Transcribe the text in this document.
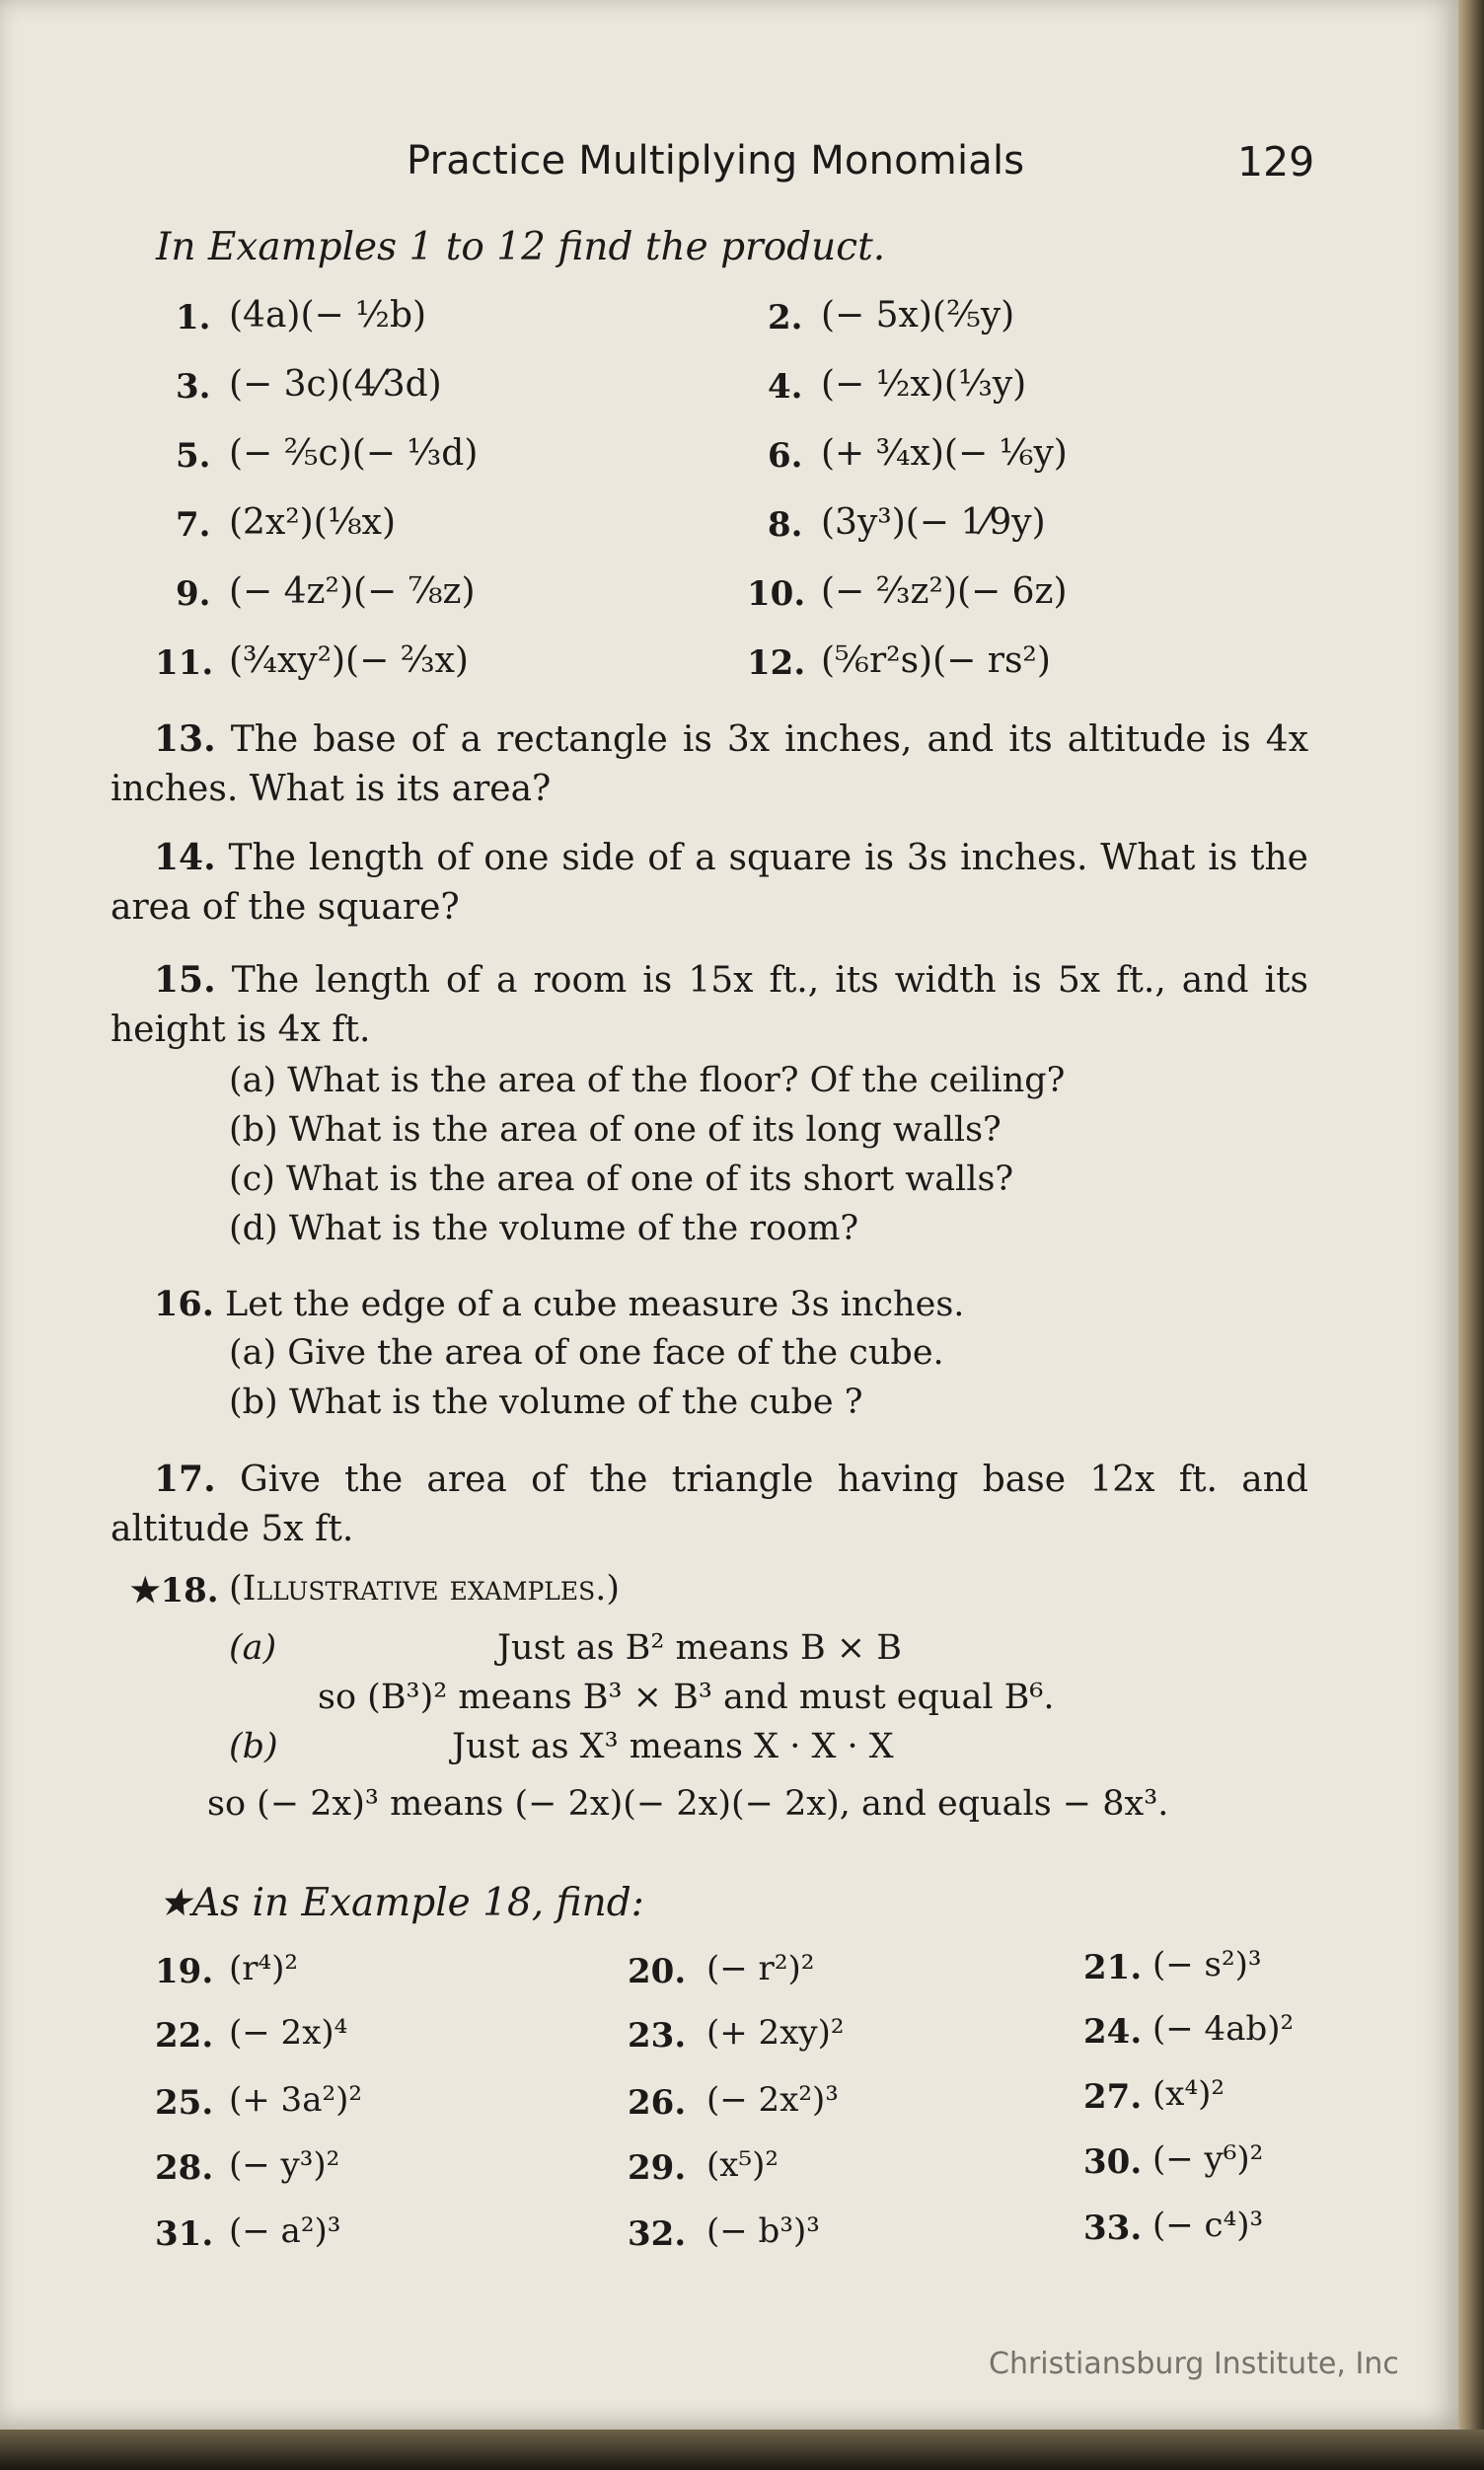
Practice Multiplying Monomials	129
In Examples 1 to 12 find the product.
1. (4a)(− ½b)	2. (− 5x)(⅖y)
3. (− 3c)(4⁄3d)	4. (− ½x)(⅓y)
5. (− ⅖c)(− ⅓d)	6. (+ ¾x)(− ⅙y)
7. (2x²)(⅛x)	8. (3y³)(− 1⁄9y)
9. (− 4z²)(− ⅞z)	10. (− ⅔z²)(− 6z)
11. (¾xy²)(− ⅔x)	12. (⅚r²s)(− rs²)
13. The base of a rectangle is 3x inches, and its altitude is 4x inches. What is its area?
14. The length of one side of a square is 3s inches. What is the area of the square?
15. The length of a room is 15x ft., its width is 5x ft., and its height is 4x ft.
(a) What is the area of the floor? Of the ceiling?
(b) What is the area of one of its long walls?
(c) What is the area of one of its short walls?
(d) What is the volume of the room?
16. Let the edge of a cube measure 3s inches.
(a) Give the area of one face of the cube.
(b) What is the volume of the cube ?
17. Give the area of the triangle having base 12x ft. and altitude 5x ft.
★18. (Illustrative examples.)
(a)	Just as B² means B × B
so (B³)² means B³ × B³ and must equal B⁶.
(b)	Just as X³ means X · X · X
so (− 2x)³ means (− 2x)(− 2x)(− 2x), and equals − 8x³.
★As in Example 18, find:
19. (r⁴)²	20. (− r²)²	21. (− s²)³
22. (− 2x)⁴	23. (+ 2xy)²	24. (− 4ab)²
25. (+ 3a²)²	26. (− 2x²)³	27. (x⁴)²
28. (− y³)²	29. (x⁵)²	30. (− y⁶)²
31. (− a²)³	32. (− b³)³	33. (− c⁴)³
Christiansburg Institute, Inc
